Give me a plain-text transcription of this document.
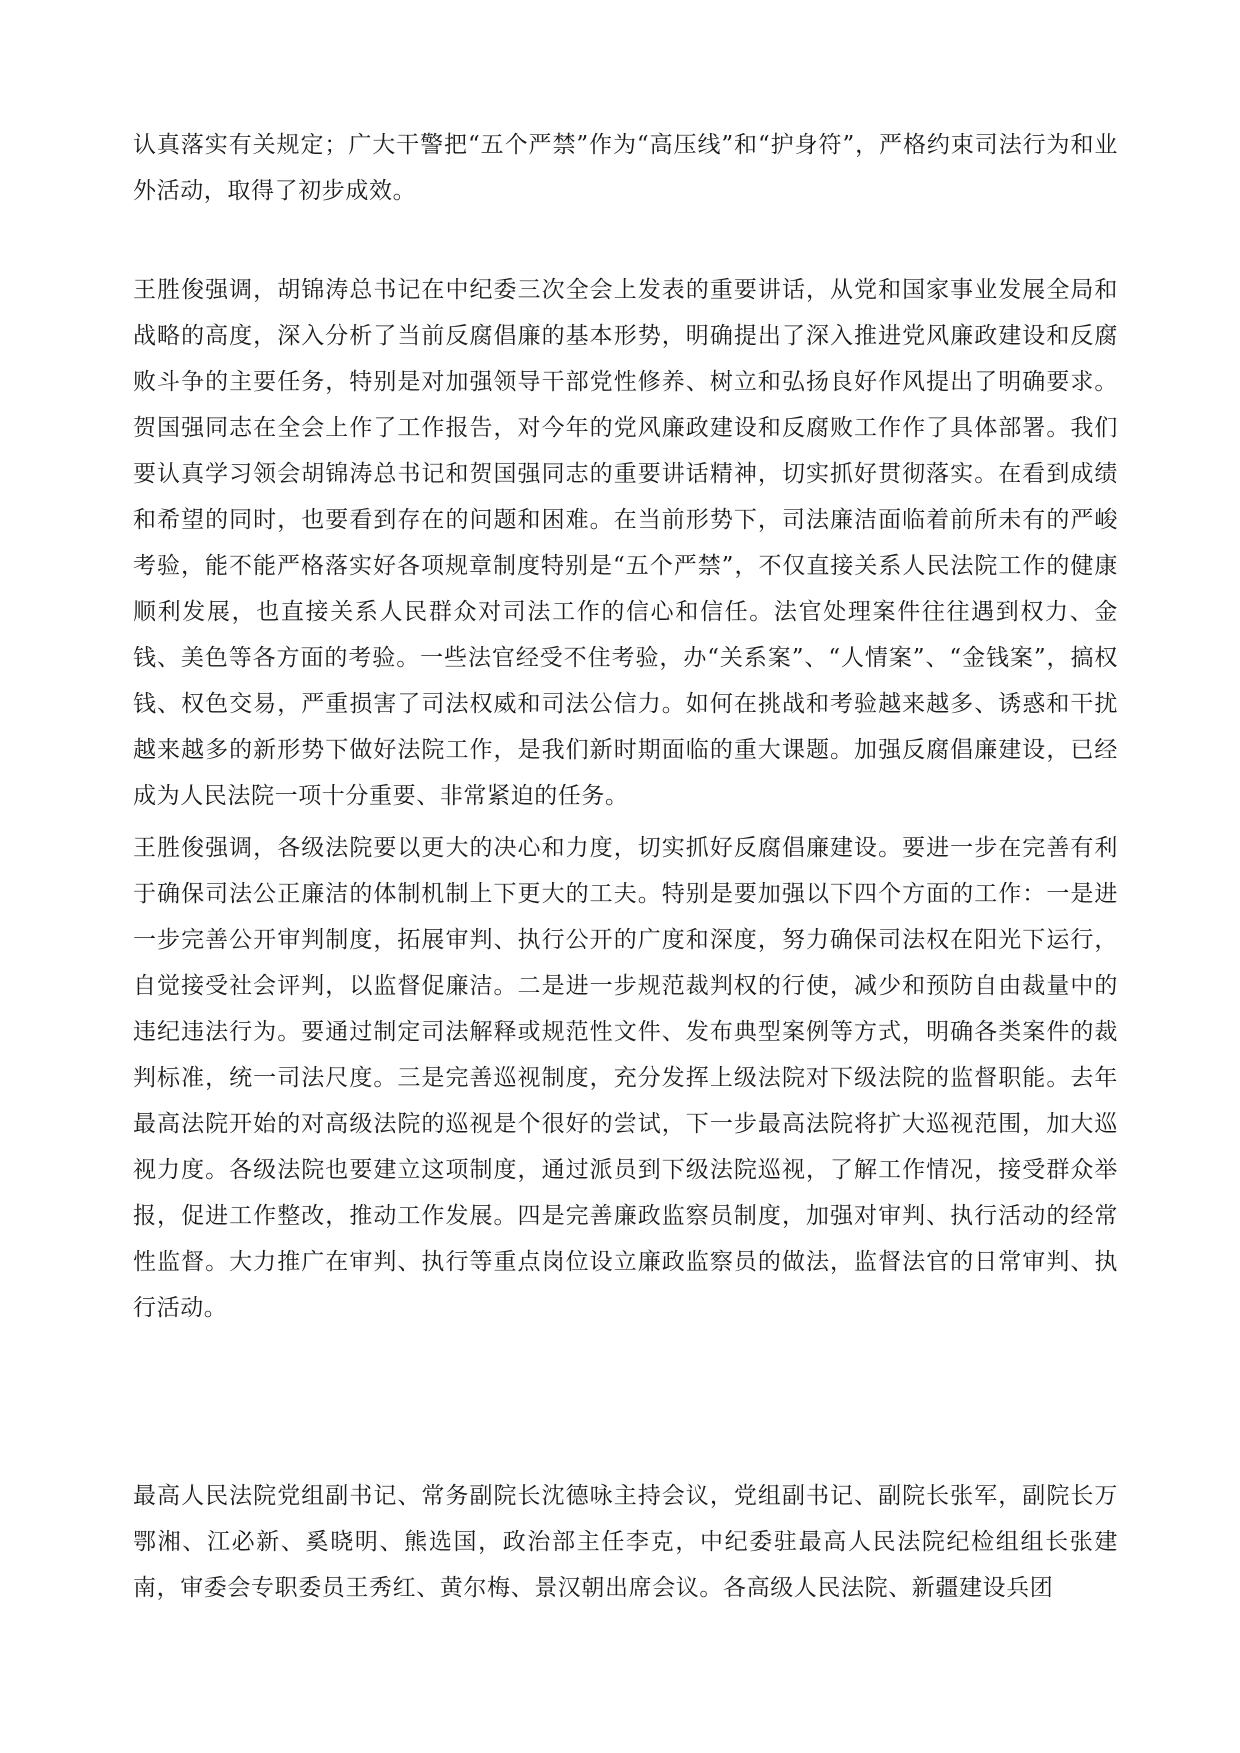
认真落实有关规定；广大干警把“五个严禁”作为“高压线”和“护身符”，严格约束司法行为和业外活动，取得了初步成效。

王胜俊强调，胡锦涛总书记在中纪委三次全会上发表的重要讲话，从党和国家事业发展全局和战略的高度，深入分析了当前反腐倡廉的基本形势，明确提出了深入推进党风廉政建设和反腐败斗争的主要任务，特别是对加强领导干部党性修养、树立和弘扬良好作风提出了明确要求。贺国强同志在全会上作了工作报告，对今年的党风廉政建设和反腐败工作作了具体部署。我们要认真学习领会胡锦涛总书记和贺国强同志的重要讲话精神，切实抓好贯彻落实。在看到成绩和希望的同时，也要看到存在的问题和困难。在当前形势下，司法廉洁面临着前所未有的严峻考验，能不能严格落实好各项规章制度特别是“五个严禁”，不仅直接关系人民法院工作的健康顺利发展，也直接关系人民群众对司法工作的信心和信任。法官处理案件往往遇到权力、金钱、美色等各方面的考验。一些法官经受不住考验，办“关系案”、“人情案”、“金钱案”，搞权钱、权色交易，严重损害了司法权威和司法公信力。如何在挑战和考验越来越多、诱惑和干扰越来越多的新形势下做好法院工作，是我们新时期面临的重大课题。加强反腐倡廉建设，已经成为人民法院一项十分重要、非常紧迫的任务。

王胜俊强调，各级法院要以更大的决心和力度，切实抓好反腐倡廉建设。要进一步在完善有利于确保司法公正廉洁的体制机制上下更大的工夫。特别是要加强以下四个方面的工作：一是进一步完善公开审判制度，拓展审判、执行公开的广度和深度，努力确保司法权在阳光下运行，自觉接受社会评判，以监督促廉洁。二是进一步规范裁判权的行使，减少和预防自由裁量中的违纪违法行为。要通过制定司法解释或规范性文件、发布典型案例等方式，明确各类案件的裁判标准，统一司法尺度。三是完善巡视制度，充分发挥上级法院对下级法院的监督职能。去年最高法院开始的对高级法院的巡视是个很好的尝试，下一步最高法院将扩大巡视范围，加大巡视力度。各级法院也要建立这项制度，通过派员到下级法院巡视，了解工作情况，接受群众举报，促进工作整改，推动工作发展。四是完善廉政监察员制度，加强对审判、执行活动的经常性监督。大力推广在审判、执行等重点岗位设立廉政监察员的做法，监督法官的日常审判、执行活动。

最高人民法院党组副书记、常务副院长沈德咏主持会议，党组副书记、副院长张军，副院长万鄂湘、江必新、奚晓明、熊选国，政治部主任李克，中纪委驻最高人民法院纪检组组长张建南，审委会专职委员王秀红、黄尔梅、景汉朝出席会议。各高级人民法院、新疆建设兵团
